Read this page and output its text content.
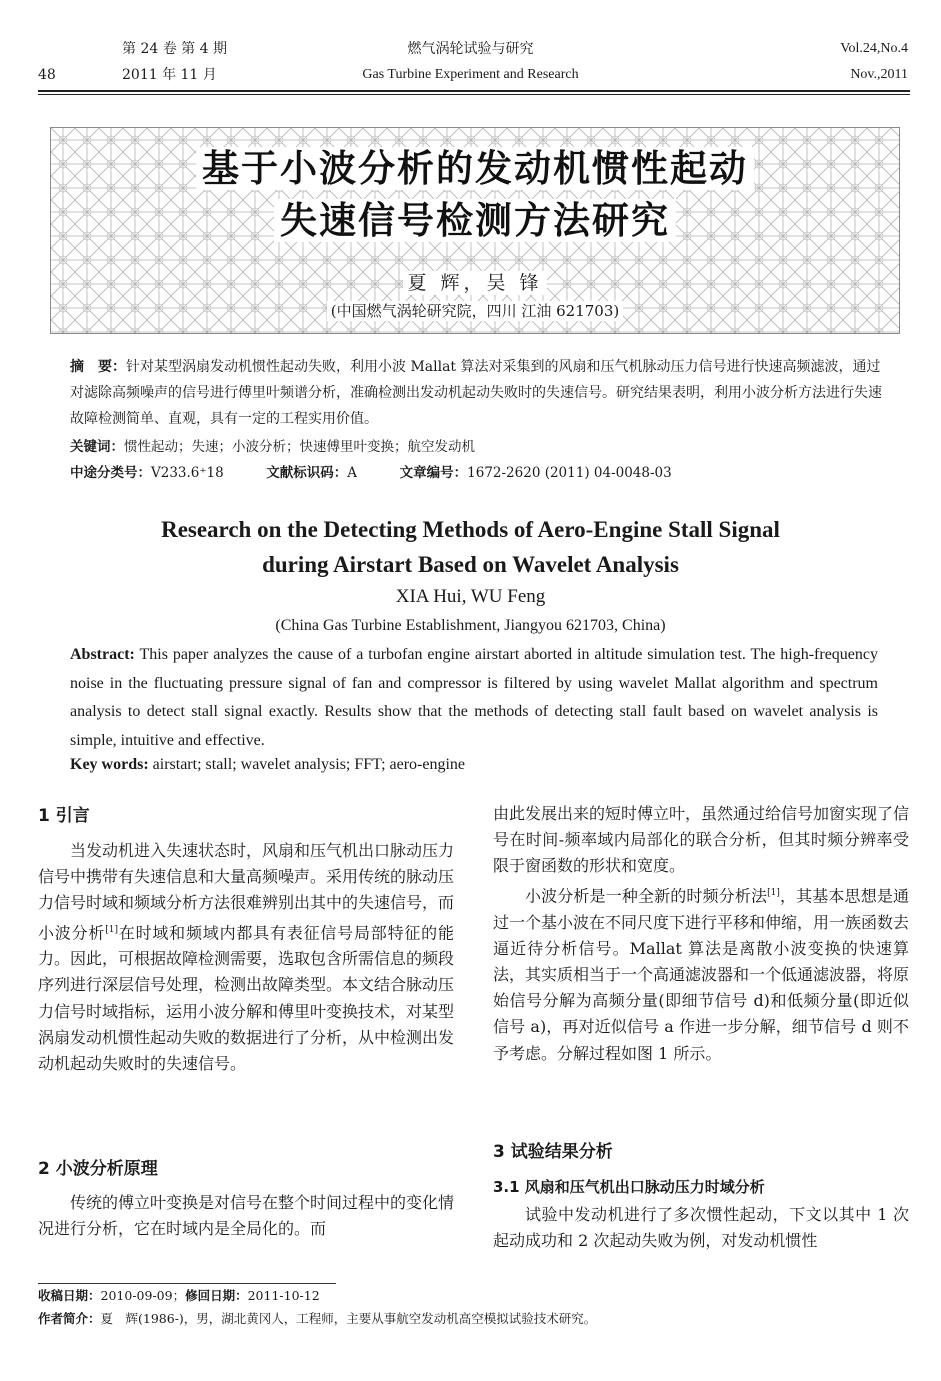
第 24 卷 第 4 期
48	2011 年 11 月
燃气涡轮试验与研究
Gas Turbine Experiment and Research
Vol.24,No.4
Nov.,2011
基于小波分析的发动机惯性起动
失速信号检测方法研究
夏 辉，吴 锋
(中国燃气涡轮研究院，四川 江油 621703)
摘　要：针对某型涡扇发动机惯性起动失败，利用小波 Mallat 算法对采集到的风扇和压气机脉动压力信号进行快速高频滤波，通过对滤除高频噪声的信号进行傅里叶频谱分析，准确检测出发动机起动失败时的失速信号。研究结果表明，利用小波分析方法进行失速故障检测简单、直观，具有一定的工程实用价值。
关键词：惯性起动；失速；小波分析；快速傅里叶变换；航空发动机
中途分类号：V233.6⁺18	文献标识码：A	文章编号：1672-2620 (2011) 04-0048-03
Research on the Detecting Methods of Aero-Engine Stall Signal
during Airstart Based on Wavelet Analysis
XIA Hui, WU Feng
(China Gas Turbine Establishment, Jiangyou 621703, China)
Abstract: This paper analyzes the cause of a turbofan engine airstart aborted in altitude simulation test. The high-frequency noise in the fluctuating pressure signal of fan and compressor is filtered by using wavelet Mallat algorithm and spectrum analysis to detect stall signal exactly. Results show that the methods of detecting stall fault based on wavelet analysis is simple, intuitive and effective.
Key words: airstart; stall; wavelet analysis; FFT; aero-engine
1 引言
当发动机进入失速状态时，风扇和压气机出口脉动压力信号中携带有失速信息和大量高频噪声。采用传统的脉动压力信号时域和频域分析方法很难辨别出其中的失速信号，而小波分析[1]在时域和频域内都具有表征信号局部特征的能力。因此，可根据故障检测需要，选取包含所需信息的频段序列进行深层信号处理，检测出故障类型。本文结合脉动压力信号时域指标，运用小波分解和傅里叶变换技术，对某型涡扇发动机惯性起动失败的数据进行了分析，从中检测出发动机起动失败时的失速信号。
2 小波分析原理
传统的傅立叶变换是对信号在整个时间过程中的变化情况进行分析，它在时域内是全局化的。而
由此发展出来的短时傅立叶，虽然通过给信号加窗实现了信号在时间-频率域内局部化的联合分析，但其时频分辨率受限于窗函数的形状和宽度。
小波分析是一种全新的时频分析法[1]，其基本思想是通过一个基小波在不同尺度下进行平移和伸缩，用一族函数去逼近待分析信号。Mallat 算法是离散小波变换的快速算法，其实质相当于一个高通滤波器和一个低通滤波器，将原始信号分解为高频分量(即细节信号 d)和低频分量(即近似信号 a)，再对近似信号 a 作进一步分解，细节信号 d 则不予考虑。分解过程如图 1 所示。
3 试验结果分析
3.1 风扇和压气机出口脉动压力时域分析
试验中发动机进行了多次惯性起动，下文以其中 1 次起动成功和 2 次起动失败为例，对发动机惯性
收稿日期：2010-09-09；修回日期：2011-10-12
作者简介：夏　辉(1986-)，男，湖北黄冈人，工程师，主要从事航空发动机高空模拟试验技术研究。
